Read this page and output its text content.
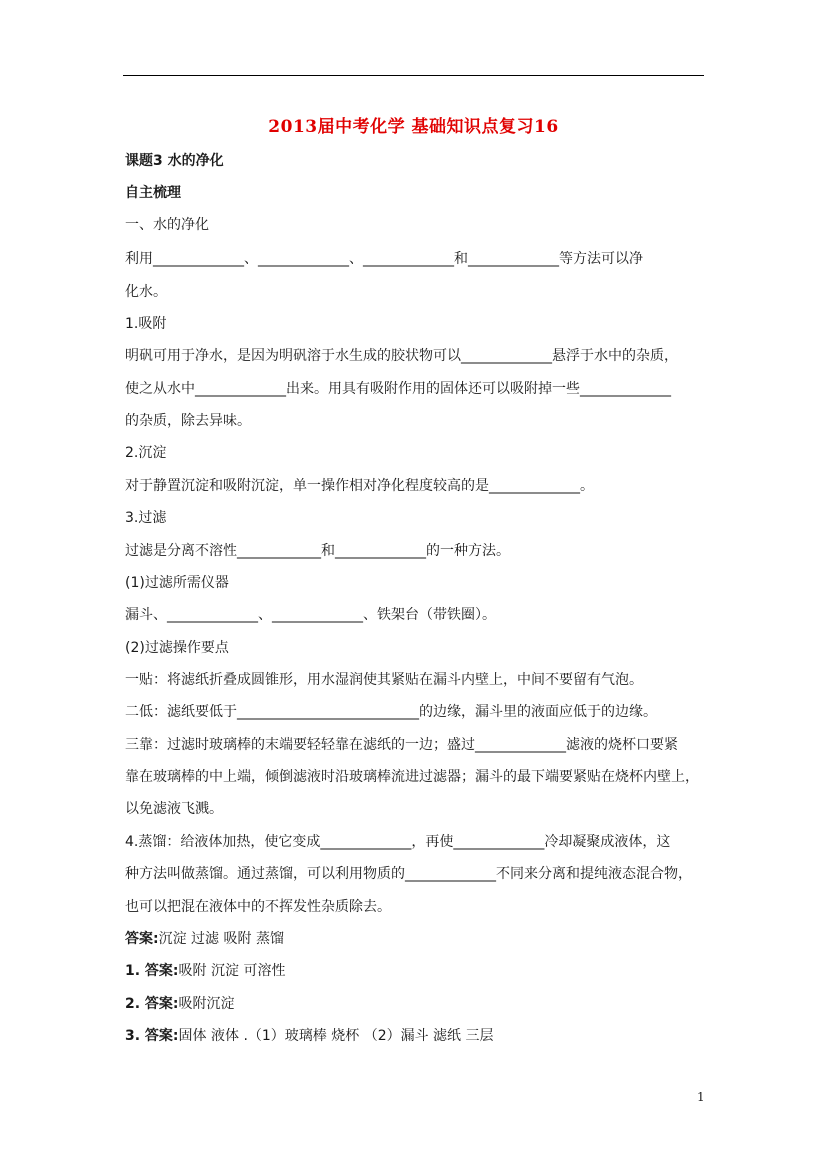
2013届中考化学 基础知识点复习16
课题3 水的净化
自主梳理
一、水的净化
利用_____________、_____________、_____________和_____________等方法可以净
化水。
1.吸附
明矾可用于净水，是因为明矾溶于水生成的胶状物可以_____________悬浮于水中的杂质，
使之从水中_____________出来。用具有吸附作用的固体还可以吸附掉一些_____________
的杂质，除去异味。
2.沉淀
对于静置沉淀和吸附沉淀，单一操作相对净化程度较高的是_____________。
3.过滤
过滤是分离不溶性____________和_____________的一种方法。
(1)过滤所需仪器
漏斗、_____________、_____________、铁架台（带铁圈）。
(2)过滤操作要点
一贴：将滤纸折叠成圆锥形，用水湿润使其紧贴在漏斗内壁上，中间不要留有气泡。
二低：滤纸要低于__________________________的边缘，漏斗里的液面应低于的边缘。
三靠：过滤时玻璃棒的末端要轻轻靠在滤纸的一边；盛过_____________滤液的烧杯口要紧
靠在玻璃棒的中上端，倾倒滤液时沿玻璃棒流进过滤器；漏斗的最下端要紧贴在烧杯内壁上，
以免滤液飞溅。
4.蒸馏：给液体加热，使它变成_____________，再使_____________冷却凝聚成液体，这
种方法叫做蒸馏。通过蒸馏，可以利用物质的_____________不同来分离和提纯液态混合物，
也可以把混在液体中的不挥发性杂质除去。
答案:沉淀 过滤 吸附 蒸馏
1. 答案:吸附 沉淀 可溶性
2. 答案:吸附沉淀
3. 答案:固体 液体 .（1）玻璃棒 烧杯 （2）漏斗 滤纸 三层
1
